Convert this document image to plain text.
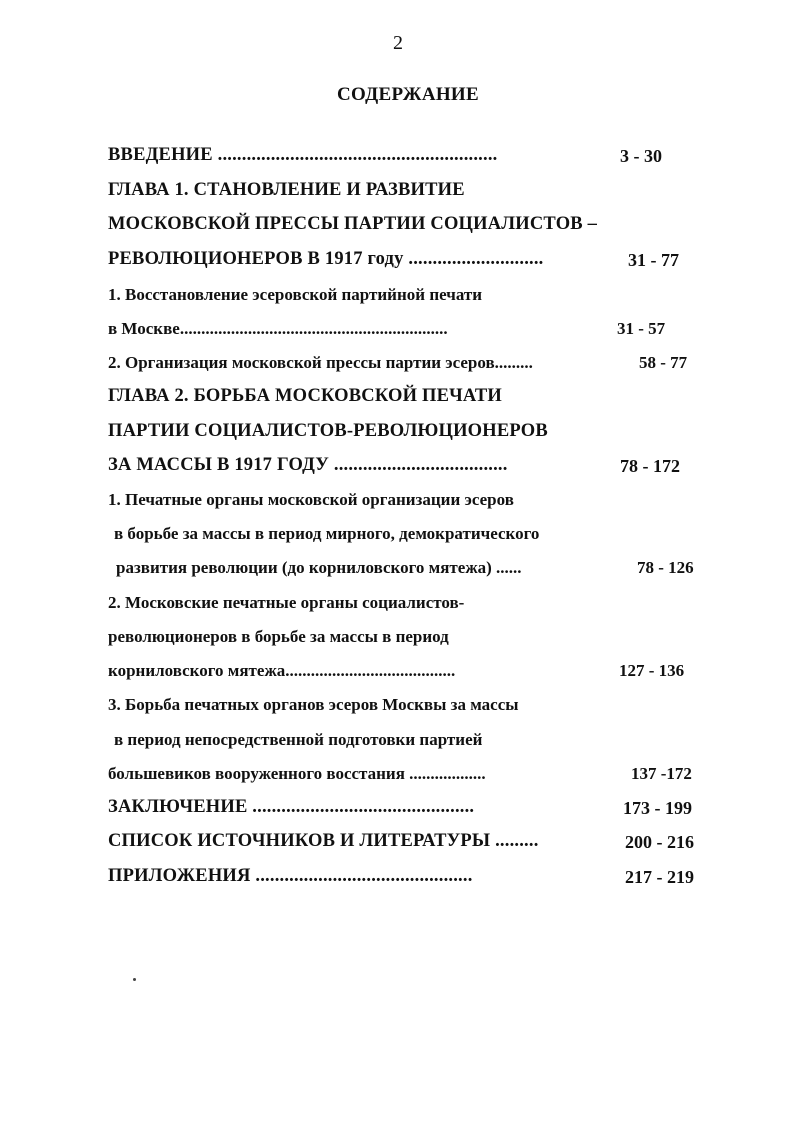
2
СОДЕРЖАНИЕ
ВВЕДЕНИЕ ..........................................................	3 - 30
ГЛАВА 1. СТАНОВЛЕНИЕ И РАЗВИТИЕ
МОСКОВСКОЙ ПРЕССЫ ПАРТИИ СОЦИАЛИСТОВ –
РЕВОЛЮЦИОНЕРОВ В 1917 году ............................	31 - 77
1. Восстановление эсеровской партийной печати
в Москве...............................................................	31 - 57
2. Организация московской прессы партии эсеров.........	58 - 77
ГЛАВА 2. БОРЬБА МОСКОВСКОЙ ПЕЧАТИ
ПАРТИИ СОЦИАЛИСТОВ-РЕВОЛЮЦИОНЕРОВ
ЗА МАССЫ В 1917 ГОДУ ....................................	78 - 172
1. Печатные органы московской организации эсеров
в борьбе за массы в период мирного, демократического
развития революции (до корниловского мятежа) ......	78 - 126
2. Московские печатные органы социалистов-
революционеров в борьбе за массы в период
корниловского мятежа........................................	127 - 136
3. Борьба печатных органов эсеров Москвы за массы
в период непосредственной подготовки партией
большевиков вооруженного восстания ..................	137 -172
ЗАКЛЮЧЕНИЕ ..............................................	173 - 199
СПИСОК ИСТОЧНИКОВ И ЛИТЕРАТУРЫ .........	200 - 216
ПРИЛОЖЕНИЯ .............................................	217 - 219
